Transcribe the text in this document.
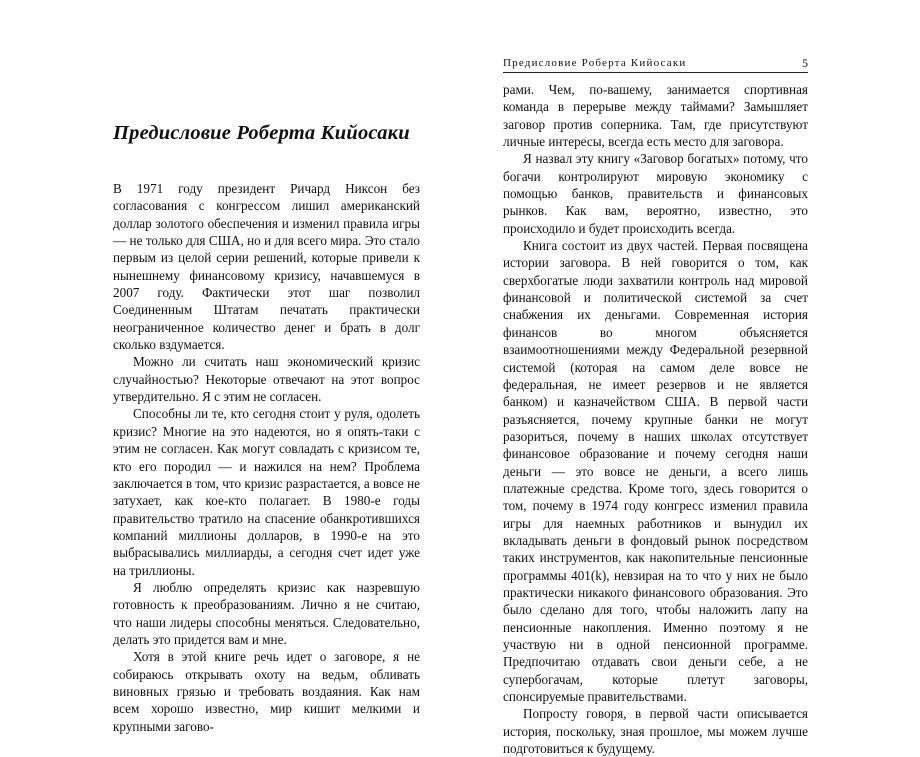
Предисловие Роберта Кийосаки

В 1971 году президент Ричард Никсон без согласования с конгрессом лишил американский доллар золотого обеспечения и изменил правила игры — не только для США, но и для всего мира. Это стало первым из целой серии решений, которые привели к нынешнему финансовому кризису, начавшемуся в 2007 году. Фактически этот шаг позволил Соединенным Штатам печатать практически неограниченное количество денег и брать в долг сколько вздумается.

Можно ли считать наш экономический кризис случайностью? Некоторые отвечают на этот вопрос утвердительно. Я с этим не согласен.

Способны ли те, кто сегодня стоит у руля, одолеть кризис? Многие на это надеются, но я опять-таки с этим не согласен. Как могут совладать с кризисом те, кто его породил — и нажился на нем? Проблема заключается в том, что кризис разрастается, а вовсе не затухает, как кое-кто полагает. В 1980-е годы правительство тратило на спасение обанкротившихся компаний миллионы долларов, в 1990-е на это выбрасывались миллиарды, а сегодня счет идет уже на триллионы.

Я люблю определять кризис как назревшую готовность к преобразованиям. Лично я не считаю, что наши лидеры способны меняться. Следовательно, делать это придется вам и мне.

Хотя в этой книге речь идет о заговоре, я не собираюсь открывать охоту на ведьм, обливать виновных грязью и требовать воздаяния. Как нам всем хорошо известно, мир кишит мелкими и крупными загово-

Предисловие Роберта Кийосаки	5

рами. Чем, по-вашему, занимается спортивная команда в перерыве между таймами? Замышляет заговор против соперника. Там, где присутствуют личные интересы, всегда есть место для заговора.

Я назвал эту книгу «Заговор богатых» потому, что богачи контролируют мировую экономику с помощью банков, правительств и финансовых рынков. Как вам, вероятно, известно, это происходило и будет происходить всегда.

Книга состоит из двух частей. Первая посвящена истории заговора. В ней говорится о том, как сверхбогатые люди захватили контроль над мировой финансовой и политической системой за счет снабжения их деньгами. Современная история финансов во многом объясняется взаимоотношениями между Федеральной резервной системой (которая на самом деле вовсе не федеральная, не имеет резервов и не является банком) и казначейством США. В первой части разъясняется, почему крупные банки не могут разориться, почему в наших школах отсутствует финансовое образование и почему сегодня наши деньги — это вовсе не деньги, а всего лишь платежные средства. Кроме того, здесь говорится о том, почему в 1974 году конгресс изменил правила игры для наемных работников и вынудил их вкладывать деньги в фондовый рынок посредством таких инструментов, как накопительные пенсионные программы 401(k), невзирая на то что у них не было практически никакого финансового образования. Это было сделано для того, чтобы наложить лапу на пенсионные накопления. Именно поэтому я не участвую ни в одной пенсионной программе. Предпочитаю отдавать свои деньги себе, а не супербогачам, которые плетут заговоры, спонсируемые правительствами.

Попросту говоря, в первой части описывается история, поскольку, зная прошлое, мы можем лучше подготовиться к будущему.
